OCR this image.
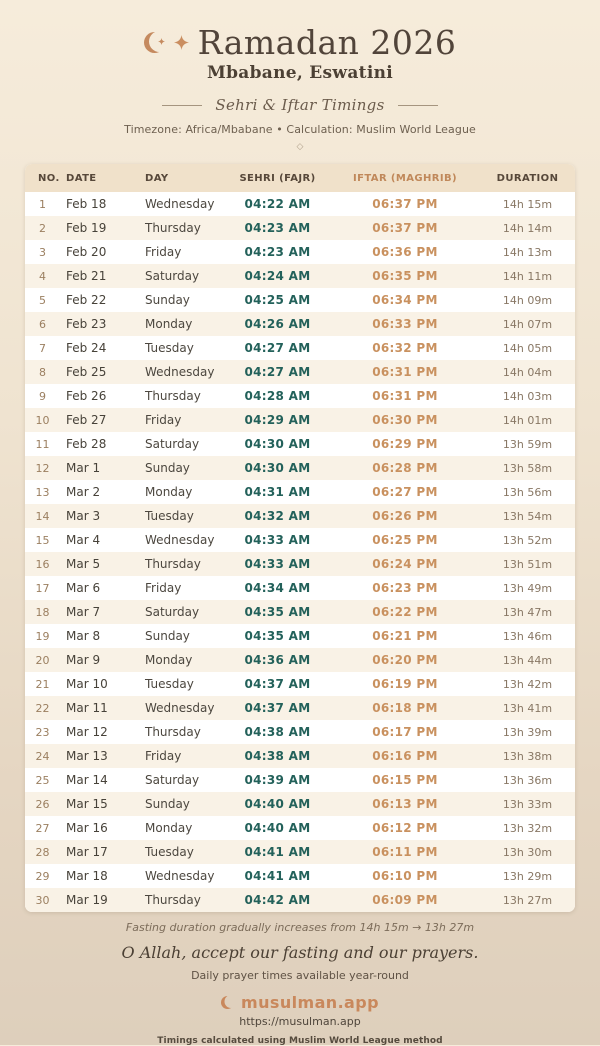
Ramadan 2026
Mbabane, Eswatini
Sehri & Iftar Timings
Timezone: Africa/Mbabane • Calculation: Muslim World League
◇
NO.	DATE	DAY	SEHRI (FAJR)	IFTAR (MAGHRIB)	DURATION
1	Feb 18	Wednesday	04:22 AM	06:37 PM	14h 15m
2	Feb 19	Thursday	04:23 AM	06:37 PM	14h 14m
3	Feb 20	Friday	04:23 AM	06:36 PM	14h 13m
4	Feb 21	Saturday	04:24 AM	06:35 PM	14h 11m
5	Feb 22	Sunday	04:25 AM	06:34 PM	14h 09m
6	Feb 23	Monday	04:26 AM	06:33 PM	14h 07m
7	Feb 24	Tuesday	04:27 AM	06:32 PM	14h 05m
8	Feb 25	Wednesday	04:27 AM	06:31 PM	14h 04m
9	Feb 26	Thursday	04:28 AM	06:31 PM	14h 03m
10	Feb 27	Friday	04:29 AM	06:30 PM	14h 01m
11	Feb 28	Saturday	04:30 AM	06:29 PM	13h 59m
12	Mar 1	Sunday	04:30 AM	06:28 PM	13h 58m
13	Mar 2	Monday	04:31 AM	06:27 PM	13h 56m
14	Mar 3	Tuesday	04:32 AM	06:26 PM	13h 54m
15	Mar 4	Wednesday	04:33 AM	06:25 PM	13h 52m
16	Mar 5	Thursday	04:33 AM	06:24 PM	13h 51m
17	Mar 6	Friday	04:34 AM	06:23 PM	13h 49m
18	Mar 7	Saturday	04:35 AM	06:22 PM	13h 47m
19	Mar 8	Sunday	04:35 AM	06:21 PM	13h 46m
20	Mar 9	Monday	04:36 AM	06:20 PM	13h 44m
21	Mar 10	Tuesday	04:37 AM	06:19 PM	13h 42m
22	Mar 11	Wednesday	04:37 AM	06:18 PM	13h 41m
23	Mar 12	Thursday	04:38 AM	06:17 PM	13h 39m
24	Mar 13	Friday	04:38 AM	06:16 PM	13h 38m
25	Mar 14	Saturday	04:39 AM	06:15 PM	13h 36m
26	Mar 15	Sunday	04:40 AM	06:13 PM	13h 33m
27	Mar 16	Monday	04:40 AM	06:12 PM	13h 32m
28	Mar 17	Tuesday	04:41 AM	06:11 PM	13h 30m
29	Mar 18	Wednesday	04:41 AM	06:10 PM	13h 29m
30	Mar 19	Thursday	04:42 AM	06:09 PM	13h 27m
Fasting duration gradually increases from 14h 15m → 13h 27m
O Allah, accept our fasting and our prayers.
Daily prayer times available year-round
musulman.app
https://musulman.app
Timings calculated using Muslim World League method
